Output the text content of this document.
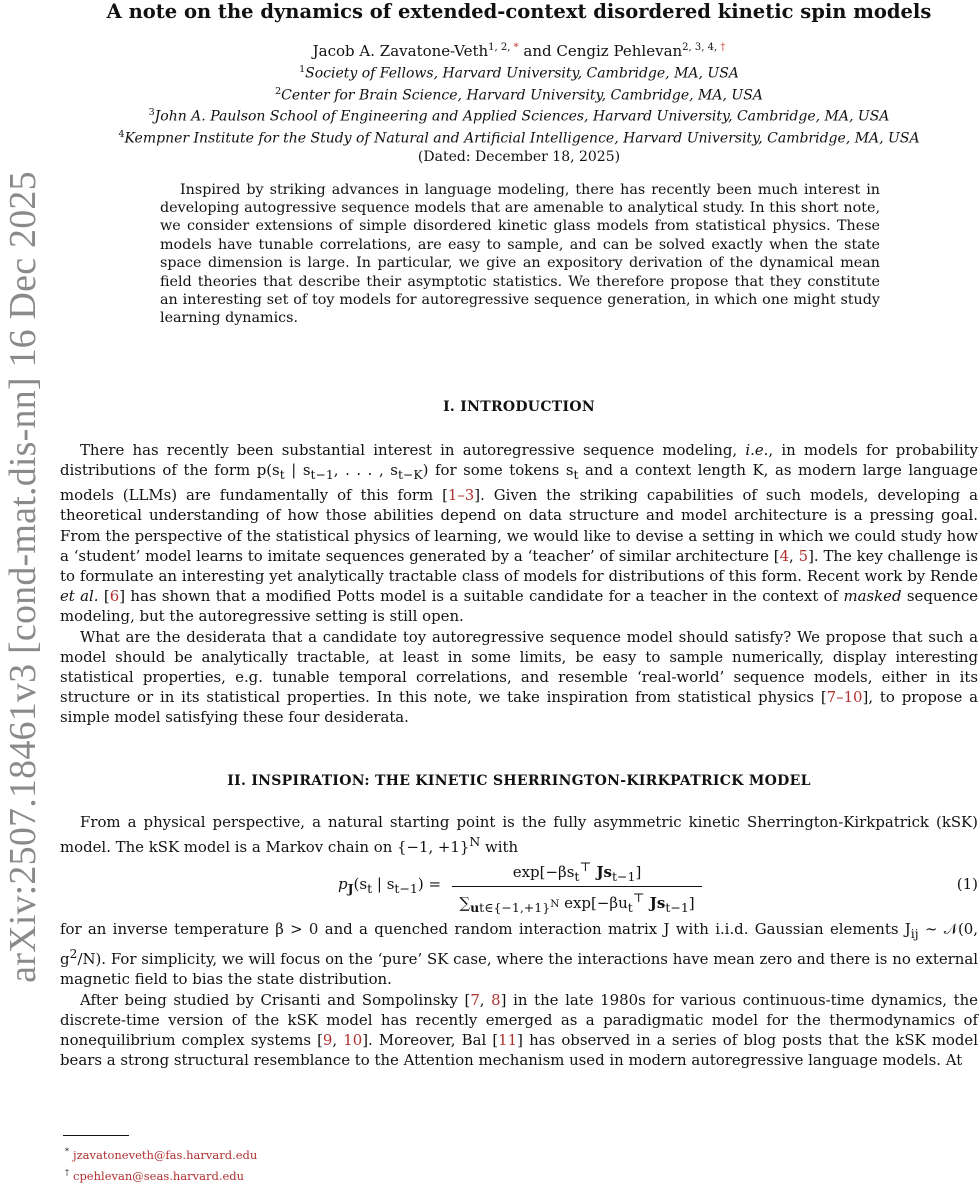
arXiv:2507.18461v3 [cond-mat.dis-nn] 16 Dec 2025
A note on the dynamics of extended-context disordered kinetic spin models
Jacob A. Zavatone-Veth$^{1, 2, *}$ and Cengiz Pehlevan$^{2, 3, 4, \dagger}$
$^1$Society of Fellows, Harvard University, Cambridge, MA, USA
$^2$Center for Brain Science, Harvard University, Cambridge, MA, USA
$^3$John A. Paulson School of Engineering and Applied Sciences, Harvard University, Cambridge, MA, USA
$^4$Kempner Institute for the Study of Natural and Artificial Intelligence, Harvard University, Cambridge, MA, USA
(Dated: December 18, 2025)

Inspired by striking advances in language modeling, there has recently been much interest in developing autogressive sequence models that are amenable to analytical study. In this short note, we consider extensions of simple disordered kinetic glass models from statistical physics. These models have tunable correlations, are easy to sample, and can be solved exactly when the state space dimension is large. In particular, we give an expository derivation of the dynamical mean field theories that describe their asymptotic statistics. We therefore propose that they constitute an interesting set of toy models for autoregressive sequence generation, in which one might study learning dynamics.

I. INTRODUCTION

There has recently been substantial interest in autoregressive sequence modeling, i.e., in models for probability distributions of the form $p(s_t$ | $s_{t-1}$, . . . , $s_{t-K}$) for some tokens $s_t$ and a context length K, as modern large language models (LLMs) are fundamentally of this form [1–3]. Given the striking capabilities of such models, developing a theoretical understanding of how those abilities depend on data structure and model architecture is a pressing goal. From the perspective of the statistical physics of learning, we would like to devise a setting in which we could study how a ‘student’ model learns to imitate sequences generated by a ‘teacher’ of similar architecture [4, 5]. The key challenge is to formulate an interesting yet analytically tractable class of models for distributions of this form. Recent work by Rende et al. [6] has shown that a modified Potts model is a suitable candidate for a teacher in the context of masked sequence modeling, but the autoregressive setting is still open.

What are the desiderata that a candidate toy autoregressive sequence model should satisfy? We propose that such a model should be analytically tractable, at least in some limits, be easy to sample numerically, display interesting statistical properties, e.g. tunable temporal correlations, and resemble ‘real-world’ sequence models, either in its structure or in its statistical properties. In this note, we take inspiration from statistical physics [7–10], to propose a simple model satisfying these four desiderata.

II. INSPIRATION: THE KINETIC SHERRINGTON-KIRKPATRICK MODEL

From a physical perspective, a natural starting point is the fully asymmetric kinetic Sherrington-Kirkpatrick (kSK) model. The kSK model is a Markov chain on {−1, +1}$^N$ with

$p_J(s_t$ | $s_{t-1}$) =
$\exp[-\beta s_t^⊤$ $Js_{t-1}$]
$\sum_{ut\in\{-1,+1\}^N}$ $\exp[-\beta u_t^⊤$ $Js_{t-1}$]
(1)

for an inverse temperature β > 0 and a quenched random interaction matrix J with i.i.d. Gaussian elements $J_{ij}$ ∼ 𝒩(0, $g^2/N$). For simplicity, we will focus on the ‘pure’ SK case, where the interactions have mean zero and there is no external magnetic field to bias the state distribution.

After being studied by Crisanti and Sompolinsky [7, 8] in the late 1980s for various continuous-time dynamics, the discrete-time version of the kSK model has recently emerged as a paradigmatic model for the thermodynamics of nonequilibrium complex systems [9, 10]. Moreover, Bal [11] has observed in a series of blog posts that the kSK model bears a strong structural resemblance to the Attention mechanism used in modern autoregressive language models. At

* jzavatoneveth@fas.harvard.edu
† cpehlevan@seas.harvard.edu
